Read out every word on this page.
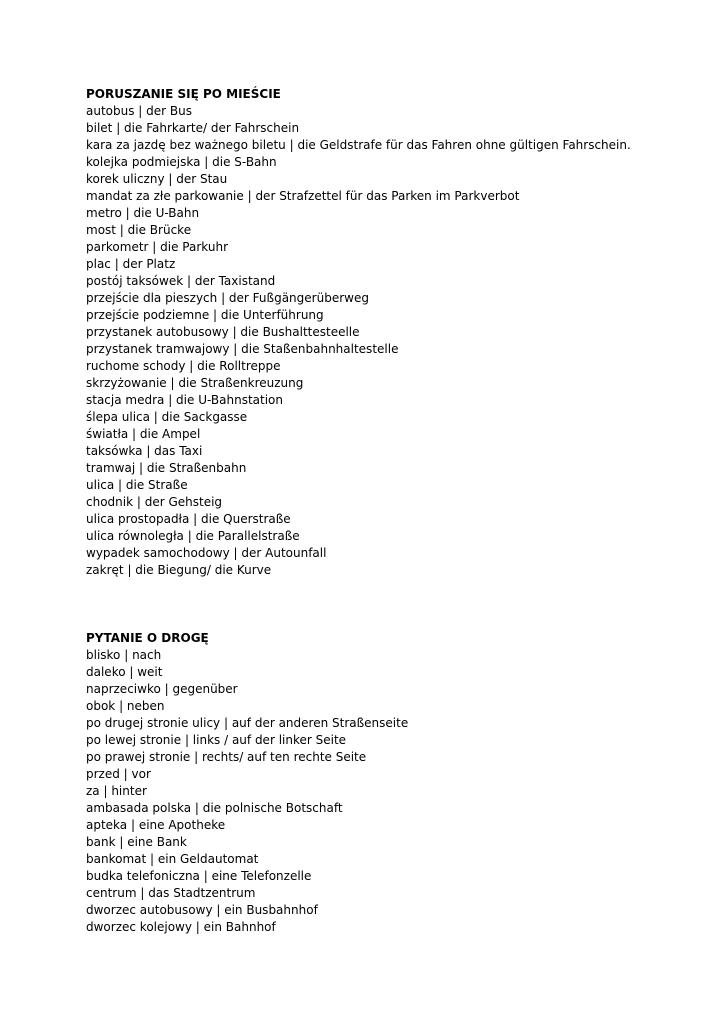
PORUSZANIE SIĘ PO MIEŚCIE
autobus | der Bus
bilet | die Fahrkarte/ der Fahrschein
kara za jazdę bez ważnego biletu | die Geldstrafe für das Fahren ohne gültigen Fahrschein.
kolejka podmiejska | die S-Bahn
korek uliczny | der Stau
mandat za złe parkowanie | der Strafzettel für das Parken im Parkverbot
metro | die U-Bahn
most | die Brücke
parkometr | die Parkuhr
plac | der Platz
postój taksówek | der Taxistand
przejście dla pieszych | der Fußgängerüberweg
przejście podziemne | die Unterführung
przystanek autobusowy | die Bushalttesteelle
przystanek tramwajowy | die Staßenbahnhaltestelle
ruchome schody | die Rolltreppe
skrzyżowanie | die Straßenkreuzung
stacja medra | die U-Bahnstation
ślepa ulica | die Sackgasse
światła | die Ampel
taksówka | das Taxi
tramwaj | die Straßenbahn
ulica | die Straße
chodnik | der Gehsteig
ulica prostopadła | die Querstraße
ulica równoległa | die Parallelstraße
wypadek samochodowy | der Autounfall
zakręt | die Biegung/ die Kurve
PYTANIE O DROGĘ
blisko | nach
daleko | weit
naprzeciwko | gegenüber
obok | neben
po drugej stronie ulicy | auf der anderen Straßenseite
po lewej stronie | links / auf der linker Seite
po prawej stronie | rechts/ auf ten rechte Seite
przed | vor
za | hinter
ambasada polska | die polnische Botschaft
apteka | eine Apotheke
bank | eine Bank
bankomat | ein Geldautomat
budka telefoniczna | eine Telefonzelle
centrum | das Stadtzentrum
dworzec autobusowy | ein Busbahnhof
dworzec kolejowy | ein Bahnhof
